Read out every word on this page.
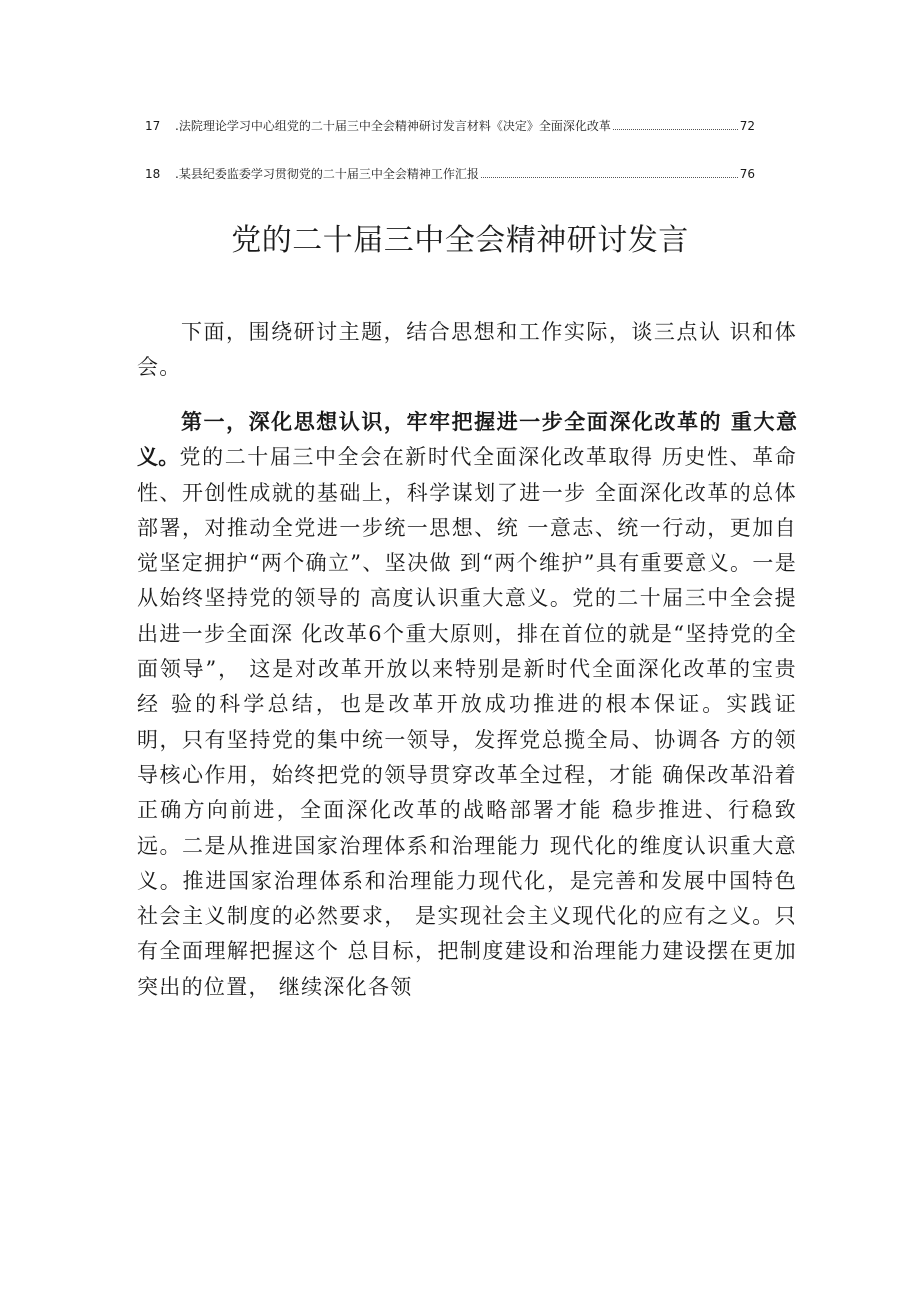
17	.法院理论学习中心组党的二十届三中全会精神研讨发言材料《决定》全面深化改革	72
18	.某县纪委监委学习贯彻党的二十届三中全会精神工作汇报	76
党的二十届三中全会精神研讨发言

下面，围绕研讨主题，结合思想和工作实际，谈三点认 识和体会。

第一，深化思想认识，牢牢把握进一步全面深化改革的 重大意义。党的二十届三中全会在新时代全面深化改革取得 历史性、革命性、开创性成就的基础上，科学谋划了进一步 全面深化改革的总体部署，对推动全党进一步统一思想、统 一意志、统一行动，更加自觉坚定拥护“两个确立”、坚决做 到“两个维护”具有重要意义。一是从始终坚持党的领导的 高度认识重大意义。党的二十届三中全会提出进一步全面深 化改革6个重大原则，排在首位的就是“坚持党的全面领导”， 这是对改革开放以来特别是新时代全面深化改革的宝贵经 验的科学总结，也是改革开放成功推进的根本保证。实践证 明，只有坚持党的集中统一领导，发挥党总揽全局、协调各 方的领导核心作用，始终把党的领导贯穿改革全过程，才能 确保改革沿着正确方向前进，全面深化改革的战略部署才能 稳步推进、行稳致远。二是从推进国家治理体系和治理能力 现代化的维度认识重大意义。推进国家治理体系和治理能力现代化，是完善和发展中国特色社会主义制度的必然要求， 是实现社会主义现代化的应有之义。只有全面理解把握这个 总目标，把制度建设和治理能力建设摆在更加突出的位置， 继续深化各领
